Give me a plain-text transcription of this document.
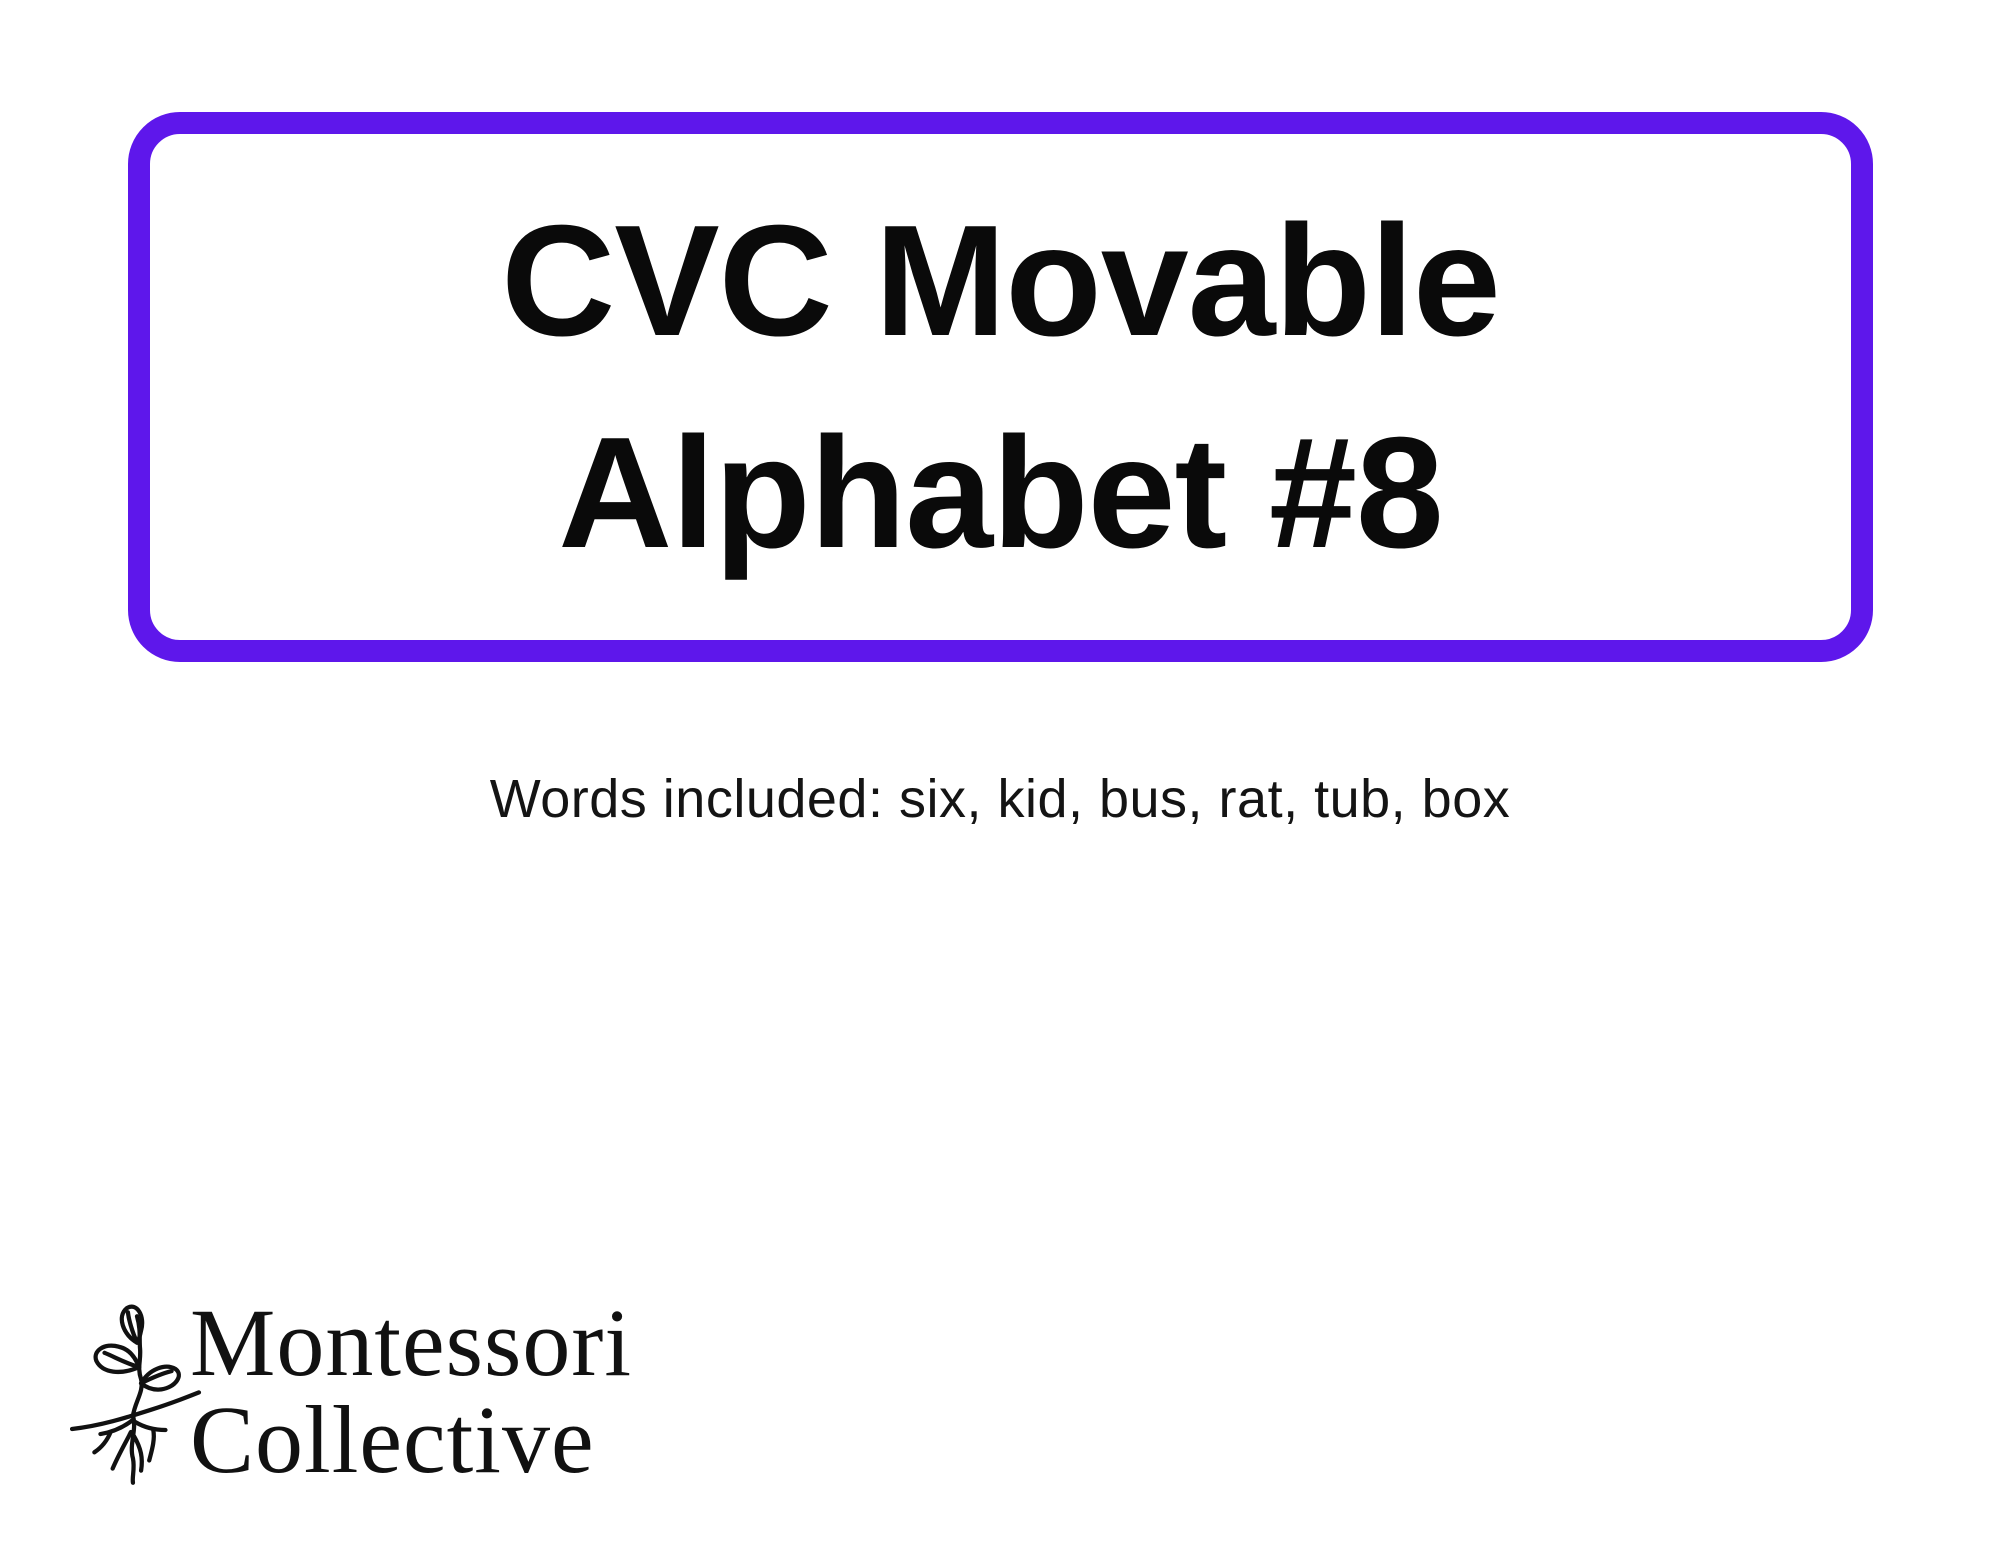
CVC Movable
Alphabet #8
Words included: six, kid, bus, rat, tub, box
Montessori
Collective
